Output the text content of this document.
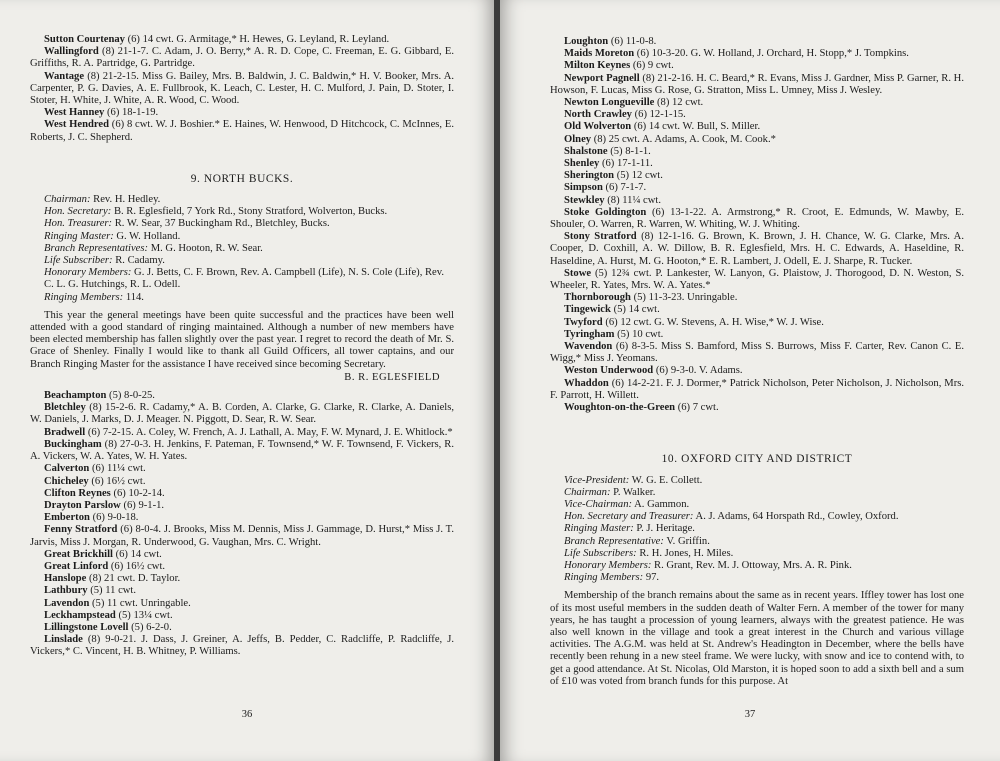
Sutton Courtenay (6) 14 cwt. G. Armitage,* H. Hewes, G. Leyland, R. Leyland.

Wallingford (8) 21-1-7. C. Adam, J. O. Berry,* A. R. D. Cope, C. Freeman, E. G. Gibbard, E. Griffiths, R. A. Partridge, G. Partridge.

Wantage (8) 21-2-15. Miss G. Bailey, Mrs. B. Baldwin, J. C. Baldwin,* H. V. Booker, Mrs. A. Carpenter, P. G. Davies, A. E. Fullbrook, K. Leach, C. Lester, H. C. Mulford, J. Pain, D. Stoter, I. Stoter, H. White, J. White, A. R. Wood, C. Wood.

West Hanney (6) 18-1-19.

West Hendred (6) 8 cwt. W. J. Boshier.* E. Haines, W. Henwood, D Hitchcock, C. McInnes, E. Roberts, J. C. Shepherd.

9. NORTH BUCKS.

Chairman: Rev. H. Hedley.

Hon. Secretary: B. R. Eglesfield, 7 York Rd., Stony Stratford, Wolverton, Bucks.

Hon. Treasurer: R. W. Sear, 37 Buckingham Rd., Bletchley, Bucks.

Ringing Master: G. W. Holland.

Branch Representatives: M. G. Hooton, R. W. Sear.

Life Subscriber: R. Cadamy.

Honorary Members: G. J. Betts, C. F. Brown, Rev. A. Campbell (Life), N. S. Cole (Life), Rev. C. L. G. Hutchings, R. L. Odell.

Ringing Members: 114.

This year the general meetings have been quite successful and the practices have been well attended with a good standard of ringing maintained. Although a number of new members have been elected membership has fallen slightly over the past year. I regret to record the death of Mr. S. Grace of Shenley. Finally I would like to thank all Guild Officers, all tower captains, and our Branch Ringing Master for the assistance I have received since becoming Secretary.

B. R. EGLESFIELD

Beachampton (5) 8-0-25.

Bletchley (8) 15-2-6. R. Cadamy,* A. B. Corden, A. Clarke, G. Clarke, R. Clarke, A. Daniels, W. Daniels, J. Marks, D. J. Meager. N. Piggott, D. Sear, R. W. Sear.

Bradwell (6) 7-2-15. A. Coley, W. French, A. J. Lathall, A. May, F. W. Mynard, J. E. Whitlock.*

Buckingham (8) 27-0-3. H. Jenkins, F. Pateman, F. Townsend,* W. F. Townsend, F. Vickers, R. A. Vickers, W. A. Yates, W. H. Yates.

Calverton (6) 11¼ cwt.

Chicheley (6) 16½ cwt.

Clifton Reynes (6) 10-2-14.

Drayton Parslow (6) 9-1-1.

Emberton (6) 9-0-18.

Fenny Stratford (6) 8-0-4. J. Brooks, Miss M. Dennis, Miss J. Gammage, D. Hurst,* Miss J. T. Jarvis, Miss J. Morgan, R. Underwood, G. Vaughan, Mrs. C. Wright.

Great Brickhill (6) 14 cwt.

Great Linford (6) 16½ cwt.

Hanslope (8) 21 cwt. D. Taylor.

Lathbury (5) 11 cwt.

Lavendon (5) 11 cwt. Unringable.

Leckhampstead (5) 13¼ cwt.

Lillingstone Lovell (5) 6-2-0.

Linslade (8) 9-0-21. J. Dass, J. Greiner, A. Jeffs, B. Pedder, C. Radcliffe, P. Radcliffe, J. Vickers,* C. Vincent, H. B. Whitney, P. Williams.

36

Loughton (6) 11-0-8.

Maids Moreton (6) 10-3-20. G. W. Holland, J. Orchard, H. Stopp,* J. Tompkins.

Milton Keynes (6) 9 cwt.

Newport Pagnell (8) 21-2-16. H. C. Beard,* R. Evans, Miss J. Gardner, Miss P. Garner, R. H. Howson, F. Lucas, Miss G. Rose, G. Stratton, Miss L. Umney, Miss J. Wesley.

Newton Longueville (8) 12 cwt.

North Crawley (6) 12-1-15.

Old Wolverton (6) 14 cwt. W. Bull, S. Miller.

Olney (8) 25 cwt. A. Adams, A. Cook, M. Cook.*

Shalstone (5) 8-1-1.

Shenley (6) 17-1-11.

Sherington (5) 12 cwt.

Simpson (6) 7-1-7.

Stewkley (8) 11¼ cwt.

Stoke Goldington (6) 13-1-22. A. Armstrong,* R. Croot, E. Edmunds, W. Mawby, E. Shouler, O. Warren, R. Warren, W. Whiting, W. J. Whiting.

Stony Stratford (8) 12-1-16. G. Brown, K. Brown, J. H. Chance, W. G. Clarke, Mrs. A. Cooper, D. Coxhill, A. W. Dillow, B. R. Eglesfield, Mrs. H. C. Edwards, A. Haseldine, R. Haseldine, A. Hurst, M. G. Hooton,* E. R. Lambert, J. Odell, E. J. Sharpe, R. Tucker.

Stowe (5) 12¾ cwt. P. Lankester, W. Lanyon, G. Plaistow, J. Thorogood, D. N. Weston, S. Wheeler, R. Yates, Mrs. W. A. Yates.*

Thornborough (5) 11-3-23. Unringable.

Tingewick (5) 14 cwt.

Twyford (6) 12 cwt. G. W. Stevens, A. H. Wise,* W. J. Wise.

Tyringham (5) 10 cwt.

Wavendon (6) 8-3-5. Miss S. Bamford, Miss S. Burrows, Miss F. Carter, Rev. Canon C. E. Wigg,* Miss J. Yeomans.

Weston Underwood (6) 9-3-0. V. Adams.

Whaddon (6) 14-2-21. F. J. Dormer,* Patrick Nicholson, Peter Nicholson, J. Nicholson, Mrs. F. Parrott, H. Willett.

Woughton-on-the-Green (6) 7 cwt.

10. OXFORD CITY AND DISTRICT

Vice-President: W. G. E. Collett.

Chairman: P. Walker.

Vice-Chairman: A. Gammon.

Hon. Secretary and Treasurer: A. J. Adams, 64 Horspath Rd., Cowley, Oxford.

Ringing Master: P. J. Heritage.

Branch Representative: V. Griffin.

Life Subscribers: R. H. Jones, H. Miles.

Honorary Members: R. Grant, Rev. M. J. Ottoway, Mrs. A. R. Pink.

Ringing Members: 97.

Membership of the branch remains about the same as in recent years. Iffley tower has lost one of its most useful members in the sudden death of Walter Fern. A member of the tower for many years, he has taught a procession of young learners, always with the greatest patience. He was also well known in the village and took a great interest in the Church and various village activities. The A.G.M. was held at St. Andrew's Headington in December, where the bells have recently been rehung in a new steel frame. We were lucky, with snow and ice to contend with, to get a good attendance. At St. Nicolas, Old Marston, it is hoped soon to add a sixth bell and a sum of £10 was voted from branch funds for this purpose. At

37
